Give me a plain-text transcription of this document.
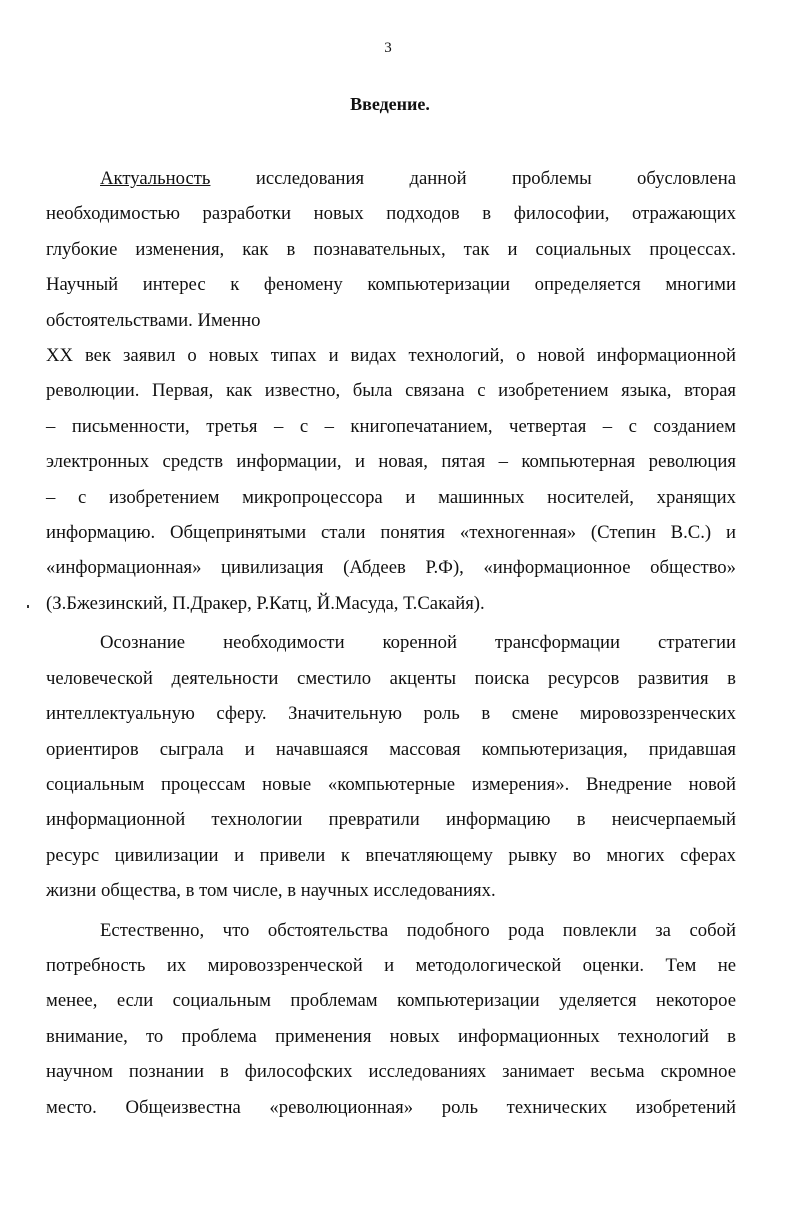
3
Введение.
Актуальность исследования данной проблемы обусловлена
необходимостью разработки новых подходов в философии, отражающих
глубокие изменения, как в познавательных, так и социальных процессах.
Научный интерес к феномену компьютеризации определяется многими
обстоятельствами. Именно
XX век заявил о новых типах и видах технологий, о новой информационной
революции. Первая, как известно, была связана с изобретением языка, вторая
– письменности, третья – с – книгопечатанием, четвертая – с созданием
электронных средств информации, и новая, пятая – компьютерная революция
– с изобретением микропроцессора и машинных носителей, хранящих
информацию. Общепринятыми стали понятия «техногенная» (Степин В.С.) и
«информационная» цивилизация (Абдеев Р.Ф), «информационное общество»
(З.Бжезинский, П.Дракер, Р.Катц, Й.Масуда, Т.Сакайя).
Осознание необходимости коренной трансформации стратегии
человеческой деятельности сместило акценты поиска ресурсов развития в
интеллектуальную сферу. Значительную роль в смене мировоззренческих
ориентиров сыграла и начавшаяся массовая компьютеризация, придавшая
социальным процессам новые «компьютерные измерения». Внедрение новой
информационной технологии превратили информацию в неисчерпаемый
ресурс цивилизации и привели к впечатляющему рывку во многих сферах
жизни общества, в том числе, в научных исследованиях.
Естественно, что обстоятельства подобного рода повлекли за собой
потребность их мировоззренческой и методологической оценки. Тем не
менее, если социальным проблемам компьютеризации уделяется некоторое
внимание, то проблема применения новых информационных технологий в
научном познании в философских исследованиях занимает весьма скромное
место. Общеизвестна «революционная» роль технических изобретений
